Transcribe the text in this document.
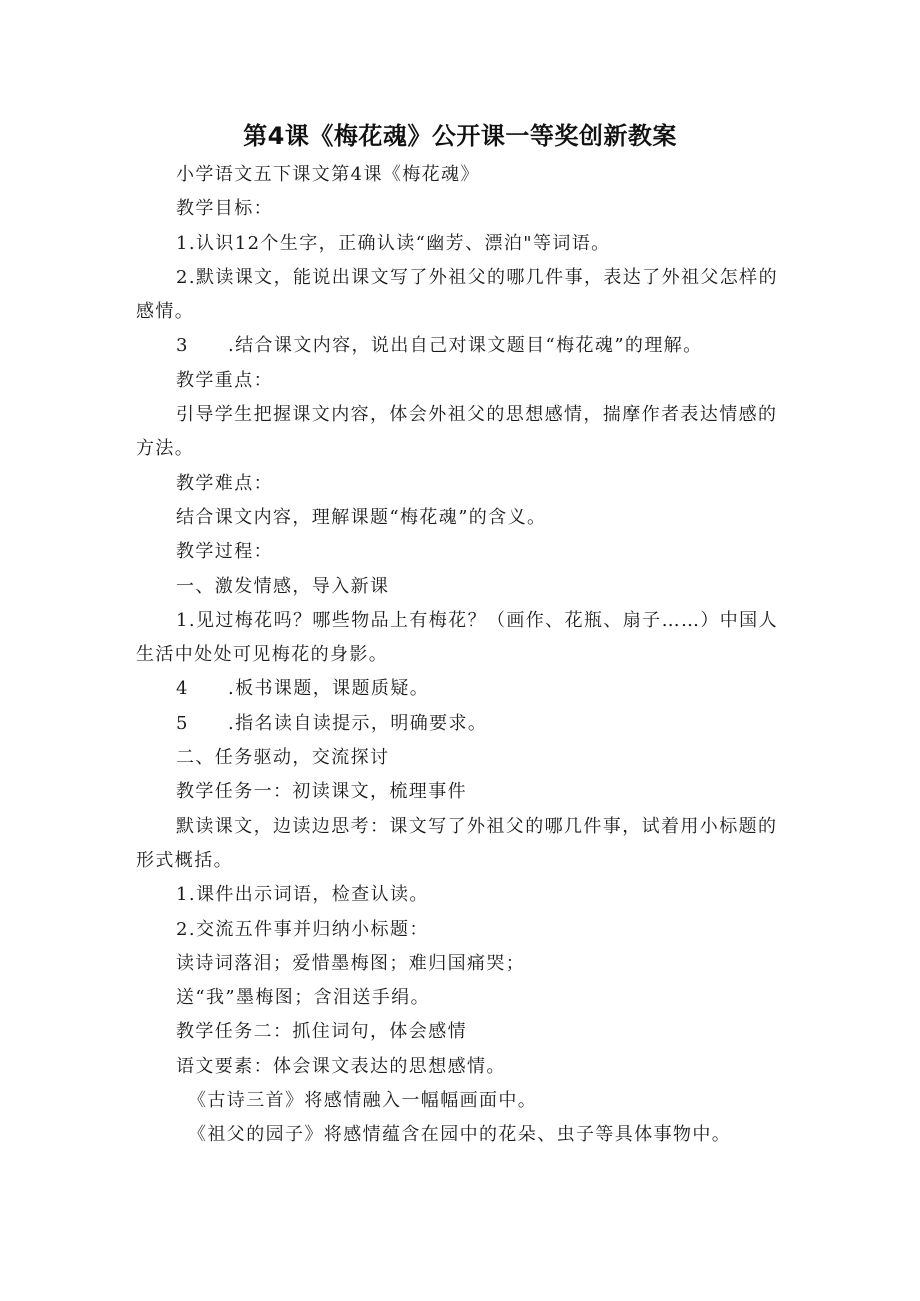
第4课《梅花魂》公开课一等奖创新教案

小学语文五下课文第4课《梅花魂》

教学目标：

1.认识12个生字，正确认读“幽芳、漂泊"等词语。

2.默读课文，能说出课文写了外祖父的哪几件事，表达了外祖父怎样的感情。

3 .结合课文内容，说出自己对课文题目“梅花魂”的理解。

教学重点：

引导学生把握课文内容，体会外祖父的思想感情，揣摩作者表达情感的方法。

教学难点：

结合课文内容，理解课题“梅花魂”的含义。

教学过程：

一、激发情感，导入新课

1.见过梅花吗？哪些物品上有梅花？（画作、花瓶、扇子……）中国人生活中处处可见梅花的身影。

4 .板书课题，课题质疑。

5 .指名读自读提示，明确要求。

二、任务驱动，交流探讨

教学任务一：初读课文，梳理事件

默读课文，边读边思考：课文写了外祖父的哪几件事，试着用小标题的形式概括。

1.课件出示词语，检查认读。

2.交流五件事并归纳小标题：

读诗词落泪；爱惜墨梅图；难归国痛哭；

送“我”墨梅图；含泪送手绢。

教学任务二：抓住词句，体会感情

语文要素：体会课文表达的思想感情。

《古诗三首》将感情融入一幅幅画面中。

《祖父的园子》将感情蕴含在园中的花朵、虫子等具体事物中。
